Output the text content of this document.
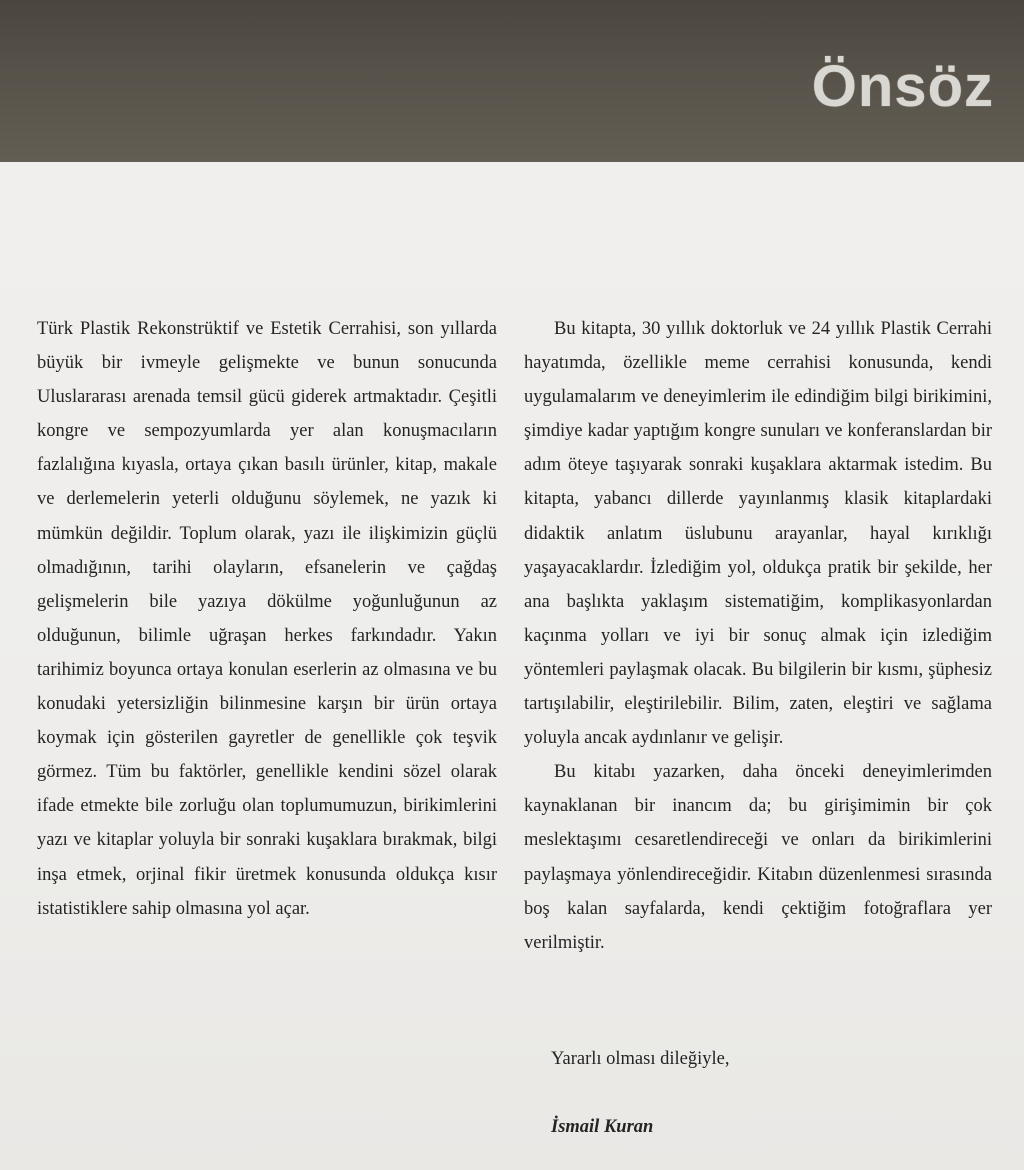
Önsöz

Türk Plastik Rekonstrüktif ve Estetik Cerrahisi, son yıllarda büyük bir ivmeyle gelişmekte ve bunun sonucunda Uluslararası arenada temsil gücü giderek artmaktadır. Çeşitli kongre ve sempozyumlarda yer alan konuşmacıların fazlalığına kıyasla, ortaya çıkan basılı ürünler, kitap, makale ve derlemelerin yeterli olduğunu söylemek, ne yazık ki mümkün değildir. Toplum olarak, yazı ile ilişkimizin güçlü olmadığının, tarihi olayların, efsanelerin ve çağdaş gelişmelerin bile yazıya dökülme yoğunluğunun az olduğunun, bilimle uğraşan herkes farkındadır. Yakın tarihimiz boyunca ortaya konulan eserlerin az olmasına ve bu konudaki yetersizliğin bilinmesine karşın bir ürün ortaya koymak için gösterilen gayretler de genellikle çok teşvik görmez. Tüm bu faktörler, genellikle kendini sözel olarak ifade etmekte bile zorluğu olan toplumumuzun, birikimlerini yazı ve kitaplar yoluyla bir sonraki kuşaklara bırakmak, bilgi inşa etmek, orjinal fikir üretmek konusunda oldukça kısır istatistiklere sahip olmasına yol açar.

Bu kitapta, 30 yıllık doktorluk ve 24 yıllık Plastik Cerrahi hayatımda, özellikle meme cerrahisi konusunda, kendi uygulamalarım ve deneyimlerim ile edindiğim bilgi birikimini, şimdiye kadar yaptığım kongre sunuları ve konferanslardan bir adım öteye taşıyarak sonraki kuşaklara aktarmak istedim. Bu kitapta, yabancı dillerde yayınlanmış klasik kitaplardaki didaktik anlatım üslubunu arayanlar, hayal kırıklığı yaşayacaklardır. İzlediğim yol, oldukça pratik bir şekilde, her ana başlıkta yaklaşım sistematiğim, komplikasyonlardan kaçınma yolları ve iyi bir sonuç almak için izlediğim yöntemleri paylaşmak olacak. Bu bilgilerin bir kısmı, şüphesiz tartışılabilir, eleştirilebilir. Bilim, zaten, eleştiri ve sağlama yoluyla ancak aydınlanır ve gelişir.

Bu kitabı yazarken, daha önceki deneyimlerimden kaynaklanan bir inancım da; bu girişimimin bir çok meslektaşımı cesaretlendireceği ve onları da birikimlerini paylaşmaya yönlendireceğidir. Kitabın düzenlenmesi sırasında boş kalan sayfalarda, kendi çektiğim fotoğraflara yer verilmiştir.

Yararlı olması dileğiyle,

İsmail Kuran
